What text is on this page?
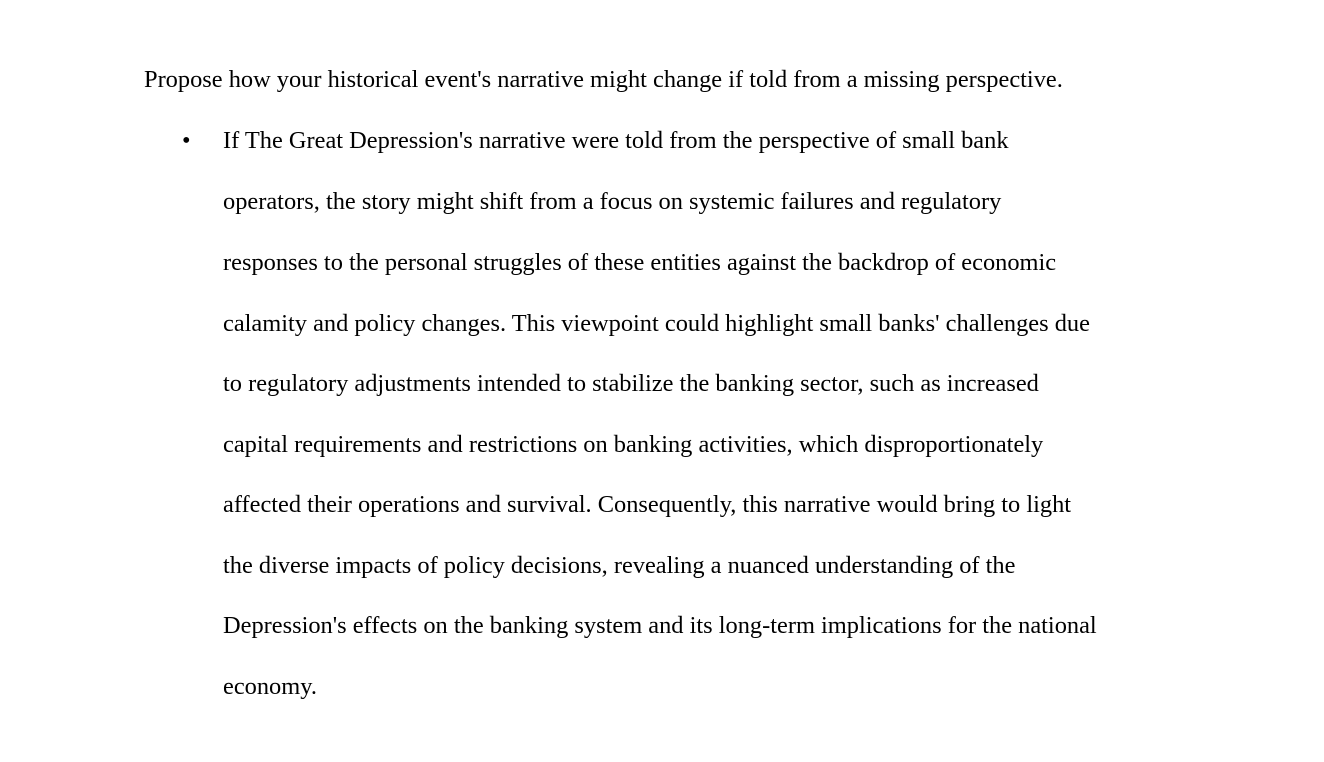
Propose how your historical event's narrative might change if told from a missing perspective.
• If The Great Depression's narrative were told from the perspective of small bank
operators, the story might shift from a focus on systemic failures and regulatory
responses to the personal struggles of these entities against the backdrop of economic
calamity and policy changes. This viewpoint could highlight small banks' challenges due
to regulatory adjustments intended to stabilize the banking sector, such as increased
capital requirements and restrictions on banking activities, which disproportionately
affected their operations and survival. Consequently, this narrative would bring to light
the diverse impacts of policy decisions, revealing a nuanced understanding of the
Depression's effects on the banking system and its long-term implications for the national
economy.
